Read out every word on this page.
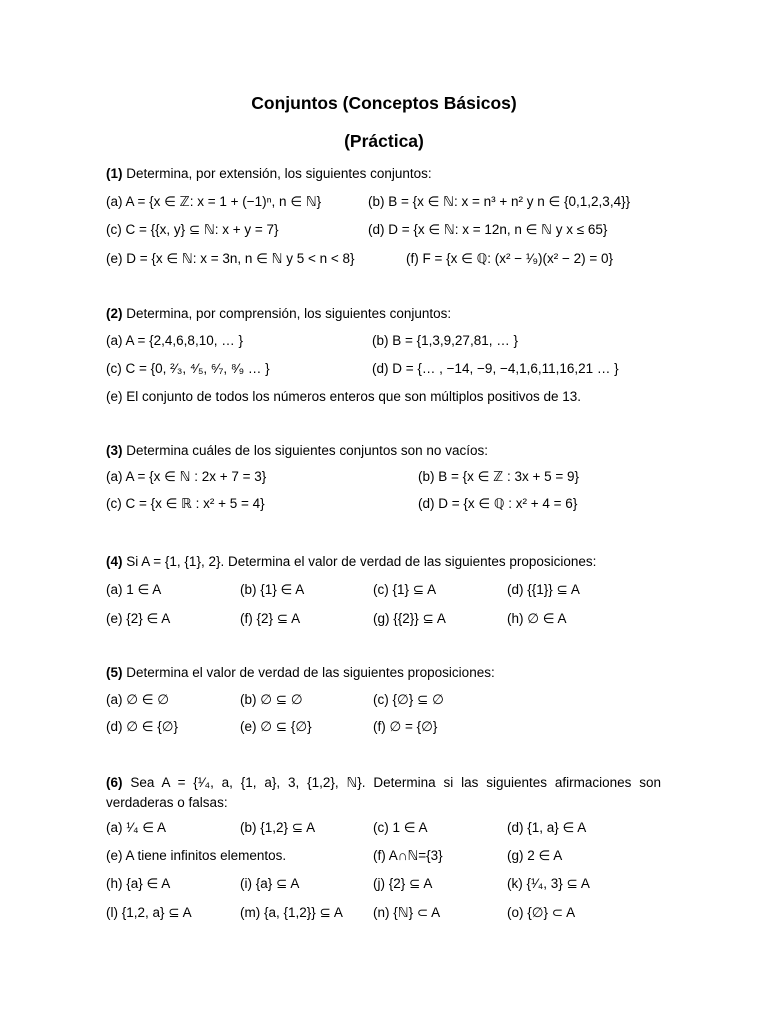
Conjuntos (Conceptos Básicos)
(Práctica)
(1) Determina, por extensión, los siguientes conjuntos:
(a) A = {x ∈ ℤ: x = 1 + (−1)ⁿ, n ∈ ℕ}	(b) B = {x ∈ ℕ: x = n³ + n² y n ∈ {0,1,2,3,4}}
(c) C = {{x, y} ⊆ ℕ: x + y = 7}	(d) D = {x ∈ ℕ: x = 12n, n ∈ ℕ y x ≤ 65}
(e) D = {x ∈ ℕ: x = 3n, n ∈ ℕ y 5 < n < 8}	(f) F = {x ∈ ℚ: (x² − ¹⁄₉)(x² − 2) = 0}
(2) Determina, por comprensión, los siguientes conjuntos:
(a) A = {2,4,6,8,10, … }	(b) B = {1,3,9,27,81, … }
(c) C = {0, ²⁄₃, ⁴⁄₅, ⁶⁄₇, ⁸⁄₉ … }	(d) D = {… , −14, −9, −4,1,6,11,16,21 … }
(e) El conjunto de todos los números enteros que son múltiplos positivos de 13.
(3) Determina cuáles de los siguientes conjuntos son no vacíos:
(a) A = {x ∈ ℕ : 2x + 7 = 3}	(b) B = {x ∈ ℤ : 3x + 5 = 9}
(c) C = {x ∈ ℝ : x² + 5 = 4}	(d) D = {x ∈ ℚ : x² + 4 = 6}
(4) Si A = {1, {1}, 2}. Determina el valor de verdad de las siguientes proposiciones:
(a) 1 ∈ A	(b) {1} ∈ A	(c) {1} ⊆ A	(d) {{1}} ⊆ A
(e) {2} ∈ A	(f) {2} ⊆ A	(g) {{2}} ⊆ A	(h) ∅ ∈ A
(5) Determina el valor de verdad de las siguientes proposiciones:
(a) ∅ ∈ ∅	(b) ∅ ⊆ ∅	(c) {∅} ⊆ ∅
(d) ∅ ∈ {∅}	(e) ∅ ⊆ {∅}	(f) ∅ = {∅}
(6) Sea A = {¹⁄₄, a, {1, a}, 3, {1,2}, ℕ}. Determina si las siguientes afirmaciones son verdaderas o falsas:
(a) ¹⁄₄ ∈ A	(b) {1,2} ⊆ A	(c) 1 ∈ A	(d) {1, a} ∈ A
(e) A tiene infinitos elementos.	(f) A∩ℕ={3}	(g) 2 ∈ A
(h) {a} ∈ A	(i) {a} ⊆ A	(j) {2} ⊆ A	(k) {¹⁄₄, 3} ⊆ A
(l) {1,2, a} ⊆ A	(m) {a, {1,2}} ⊆ A (n) {ℕ} ⊂ A	(o) {∅} ⊂ A
